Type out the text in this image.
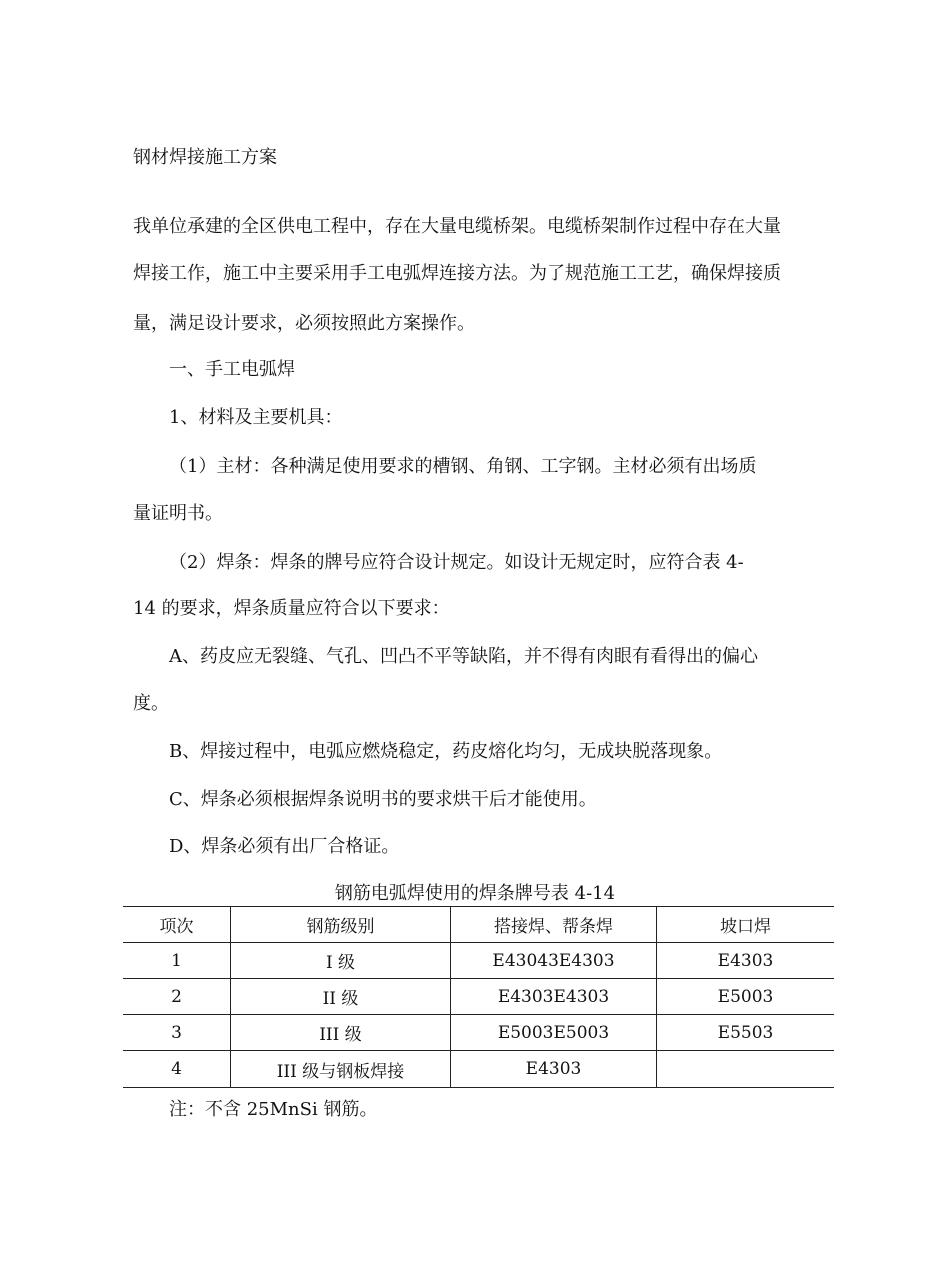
钢材焊接施工方案

我单位承建的全区供电工程中，存在大量电缆桥架。电缆桥架制作过程中存在大量

焊接工作，施工中主要采用手工电弧焊连接方法。为了规范施工工艺，确保焊接质

量，满足设计要求，必须按照此方案操作。

一、手工电弧焊

1、材料及主要机具：

（1）主材：各种满足使用要求的槽钢、角钢、工字钢。主材必须有出场质

量证明书。

（2）焊条：焊条的牌号应符合设计规定。如设计无规定时，应符合表 4-

14 的要求，焊条质量应符合以下要求：

A、药皮应无裂缝、气孔、凹凸不平等缺陷，并不得有肉眼有看得出的偏心

度。

B、焊接过程中，电弧应燃烧稳定，药皮熔化均匀，无成块脱落现象。

C、焊条必须根据焊条说明书的要求烘干后才能使用。

D、焊条必须有出厂合格证。

钢筋电弧焊使用的焊条牌号表 4-14

项次	钢筋级别	搭接焊、帮条焊	坡口焊
1	I 级	E43043E4303	E4303
2	II 级	E4303E4303	E5003
3	III 级	E5003E5003	E5503
4	III 级与钢板焊接	E4303	

注：不含 25MnSi 钢筋。
